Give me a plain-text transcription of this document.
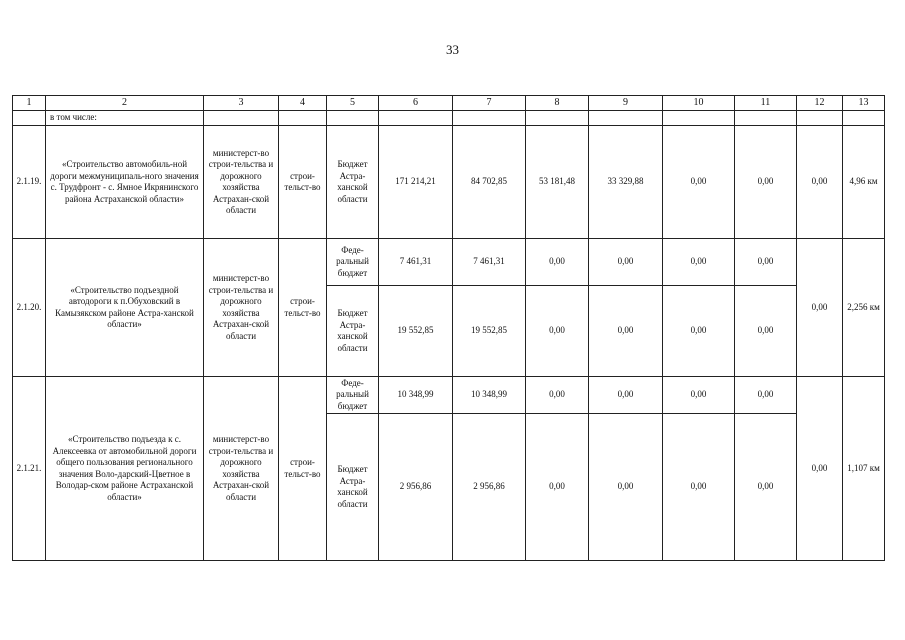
33
1	2	3	4	5	6	7	8	9	10	11	12	13
	в том числе:											
2.1.19.	«Строительство автомобиль-ной дороги межмуниципаль-ного значения с. Трудфронт - с. Ямное Икрянинского района Астраханской области»	министерст-во строи-тельства и дорожного хозяйства Астрахан-ской области	строи-тельст-во	Бюджет Астра-ханской области	171 214,21	84 702,85	53 181,48	33 329,88	0,00	0,00	0,00	4,96 км
2.1.20.	«Строительство подъездной автодороги к п.Обуховский в Камызякском районе Астра-ханской области»	министерст-во строи-тельства и дорожного хозяйства Астрахан-ской области	строи-тельст-во	Феде-ральный бюджет	7 461,31	7 461,31	0,00	0,00	0,00	0,00	0,00	2,256 км
				Бюджет Астра-ханской области	19 552,85	19 552,85	0,00	0,00	0,00	0,00		
2.1.21.	«Строительство подъезда к с. Алексеевка от автомобильной дороги общего пользования регионального значения Воло-дарский-Цветное в Володар-ском районе Астраханской области»	министерст-во строи-тельства и дорожного хозяйства Астрахан-ской области	строи-тельст-во	Феде-ральный бюджет	10 348,99	10 348,99	0,00	0,00	0,00	0,00	0,00	1,107 км
				Бюджет Астра-ханской области	2 956,86	2 956,86	0,00	0,00	0,00	0,00		
